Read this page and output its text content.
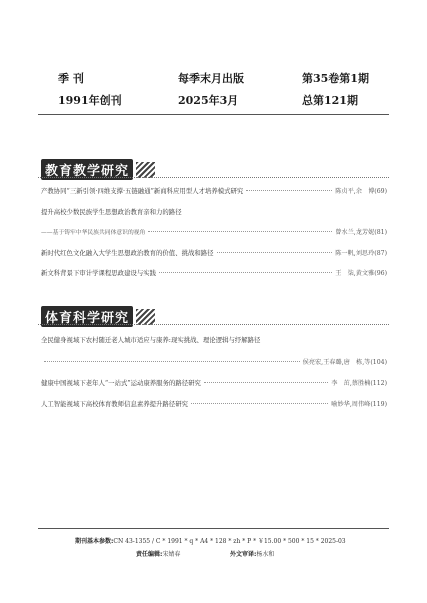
季 刊	每季末月出版	第35卷第1期
1991年创刊	2025年3月	总第121期
教育教学研究
产教协同“三新引领·四维支撑·五链融通”新商科应用型人才培养模式研究	陈贞平,余　博(69)
提升高校少数民族学生思想政治教育亲和力的路径
——基于铸牢中华民族共同体意识的视角	曾水兰,龙芳妮(81)
新时代红色文化融入大学生思想政治教育的价值、挑战和路径	陈一帆,刘思玲(87)
新文科背景下审计学课程思政建设与实践	王　柒,黄文雅(96)
体育科学研究
全民健身视域下农村随迁老人城市适应与康养:现实挑战、理论逻辑与纾解路径
侯亮宏,王春璐,唐　栋,等(104)
健康中国视域下老年人“一站式”运动康养服务的路径研究	李　茁,蔡胜楠(112)
人工智能视域下高校体育教师信息素养提升路径研究	喻妙华,周伟峰(119)
期刊基本参数:CN 43-1355 / C * 1991 * q * A4 * 128 * zh * P * ￥15.00 * 500 * 15 * 2025-03
责任编辑:宋婧春	外文审译:杨水和
